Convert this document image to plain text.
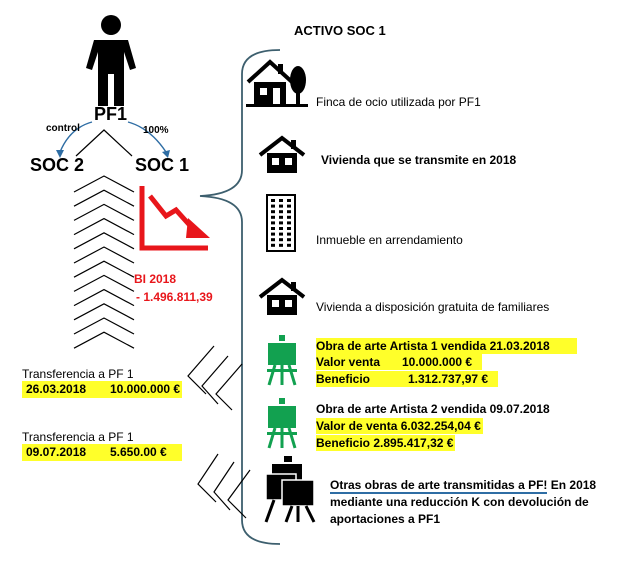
ACTIVO SOC 1
PF1
control	100%
SOC 2	SOC 1
BI 2018
- 1.496.811,39
Transferencia a PF 1
26.03.2018 10.000.000 €
Transferencia a PF 1
09.07.2018 5.650.00 €
Finca de ocio utilizada por PF1
Vivienda que se transmite en 2018
Inmueble en arrendamiento
Vivienda a disposición gratuita de familiares
Obra de arte Artista 1 vendida 21.03.2018
Valor venta 10.000.000 €
Beneficio	1.312.737,97 €
Obra de arte Artista 2 vendida 09.07.2018
Valor de venta 6.032.254,04 €
Beneficio 2.895.417,32 €
Otras obras de arte transmitidas a PF! En 2018
mediante una reducción K con devolución de
aportaciones a PF1
